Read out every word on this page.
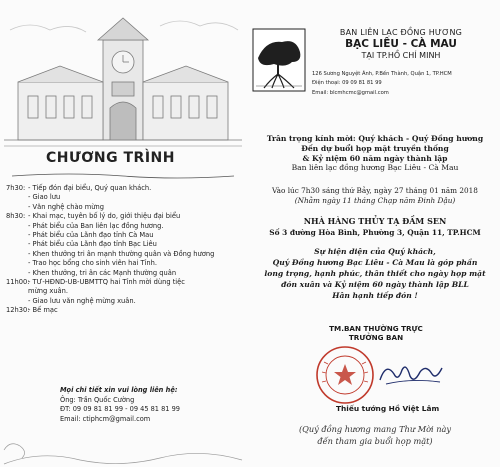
CHƯƠNG TRÌNH
7h30: - Tiếp đón đại biểu, Quý quan khách.
- Giao lưu
- Văn nghệ chào mừng
8h30: - Khai mạc, tuyên bố lý do, giới thiệu đại biểu
- Phát biểu của Ban liên lạc đồng hương.
- Phát biểu của Lãnh đạo tỉnh Cà Mau
- Phát biểu của Lãnh đạo tỉnh Bạc Liêu
- Khen thưởng tri ân mạnh thường quân và Đồng hương
- Trao học bổng cho sinh viên hai Tỉnh.
- Khen thưởng, tri ân các Mạnh thường quân
11h00:
- TƯ-HĐND-UB-UBMTTQ hai Tỉnh mời dùng tiệc
mừng xuân.
- Giao lưu văn nghệ mừng xuân.
12h30:
- Bế mạc
Mọi chi tiết xin vui lòng liên hệ:
Ông: Trần Quốc Cường
ĐT: 09 09 81 81 99 - 09 45 81 81 99
Email: ctiphcm@gmail.com
BAN LIÊN LẠC ĐỒNG HƯƠNG
BẠC LIÊU - CÀ MAU
TẠI TP.HỒ CHÍ MINH
126 Sương Nguyệt Ánh, P.Bến Thành, Quận 1, TP.HCM
Điện thoại: 09 09 81 81 99
Email: blcmhcmc@gmail.com
Trân trọng kính mời: Quý khách - Quý Đồng hương
Đến dự buổi họp mặt truyền thống
& Kỷ niệm 60 năm ngày thành lập
Ban liên lạc đồng hương Bạc Liêu - Cà Mau
Vào lúc 7h30 sáng thứ Bảy, ngày 27 tháng 01 năm 2018
(Nhằm ngày 11 tháng Chạp năm Đinh Dậu)
NHÀ HÀNG THỦY TẠ ĐẦM SEN
Số 3 đường Hòa Bình, Phường 3, Quận 11, TP.HCM
Sự hiện diện của Quý khách,
Quý Đồng hương Bạc Liêu - Cà Mau là góp phần
long trọng, hạnh phúc, thân thiết cho ngày họp mặt
đón xuân và Kỷ niệm 60 ngày thành lập BLL
Hân hạnh tiếp đón !
TM.BAN THƯỜNG TRỰC
TRƯỞNG BAN
Thiếu tướng Hồ Việt Lâm
(Quý đồng hương mang Thư Mời này
đến tham gia buổi họp mặt)
